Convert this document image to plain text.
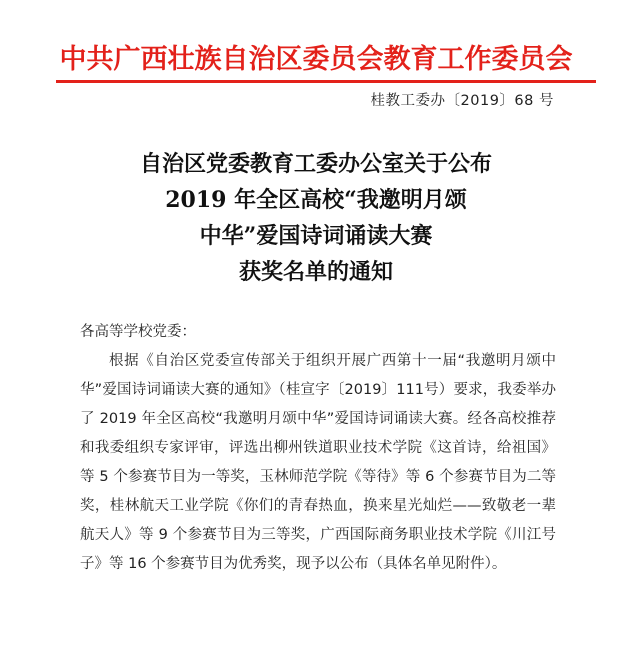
中共广西壮族自治区委员会教育工作委员会
桂教工委办〔2019〕68 号
自治区党委教育工委办公室关于公布
2019 年全区高校“我邀明月颂
中华”爱国诗词诵读大赛
获奖名单的通知

各高等学校党委：

根据《自治区党委宣传部关于组织开展广西第十一届“我邀明月颂中华”爱国诗词诵读大赛的通知》（桂宣字〔2019〕111号）要求，我委举办了 2019 年全区高校“我邀明月颂中华”爱国诗词诵读大赛。经各高校推荐和我委组织专家评审，评选出柳州铁道职业技术学院《这首诗，给祖国》等 5 个参赛节目为一等奖，玉林师范学院《等待》等 6 个参赛节目为二等奖，桂林航天工业学院《你们的青春热血，换来星光灿烂——致敬老一辈航天人》等 9 个参赛节目为三等奖，广西国际商务职业技术学院《川江号子》等 16 个参赛节目为优秀奖，现予以公布（具体名单见附件）。
